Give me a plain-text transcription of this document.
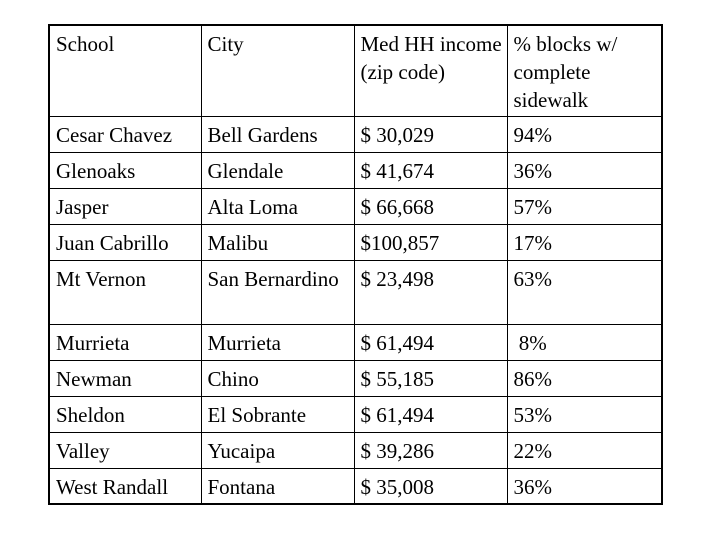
School	City	Med HH income (zip code)	% blocks w/ complete sidewalk
Cesar Chavez	Bell Gardens	$ 30,029	94%
Glenoaks	Glendale	$ 41,674	36%
Jasper	Alta Loma	$ 66,668	57%
Juan Cabrillo	Malibu	$100,857	17%
Mt Vernon	San Bernardino	$ 23,498	63%
Murrieta	Murrieta	$ 61,494	8%
Newman	Chino	$ 55,185	86%
Sheldon	El Sobrante	$ 61,494	53%
Valley	Yucaipa	$ 39,286	22%
West Randall	Fontana	$ 35,008	36%
